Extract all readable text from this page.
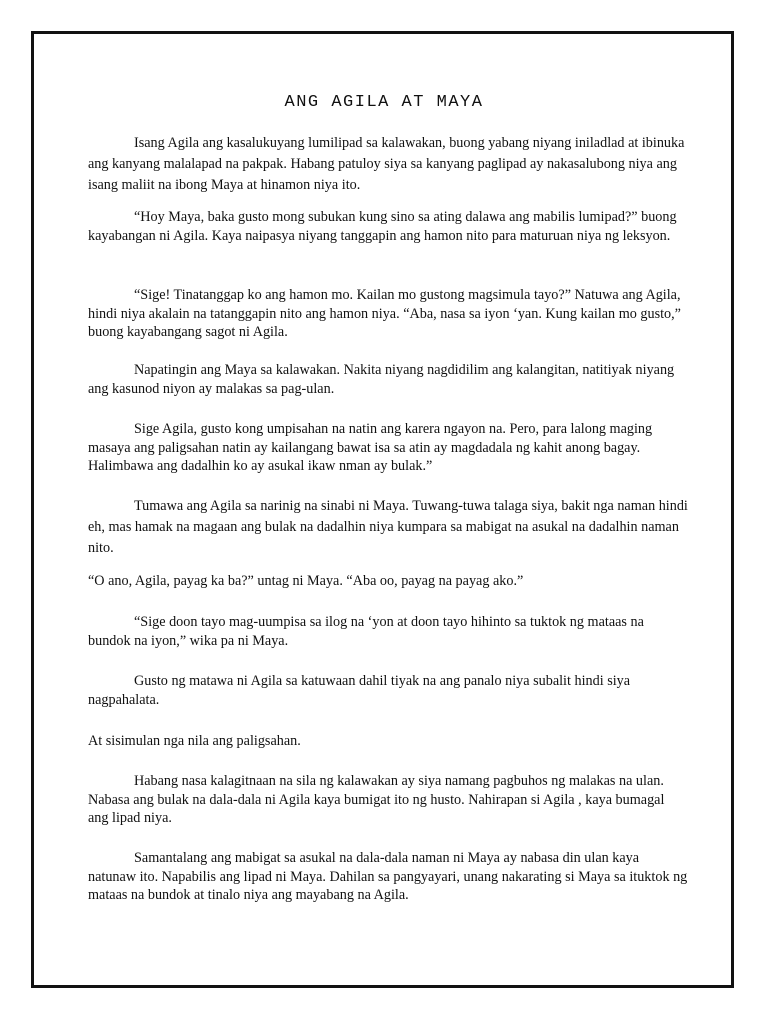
ANG AGILA AT MAYA

Isang Agila ang kasalukuyang lumilipad sa kalawakan, buong yabang niyang iniladlad at ibinuka ang kanyang malalapad na pakpak. Habang patuloy siya sa kanyang paglipad ay nakasalubong niya ang isang maliit na ibong Maya at hinamon niya ito.

“Hoy Maya, baka gusto mong subukan kung sino sa ating dalawa ang mabilis lumipad?” buong kayabangan ni Agila. Kaya naipasya niyang tanggapin ang hamon nito para maturuan niya ng leksyon.

“Sige! Tinatanggap ko ang hamon mo. Kailan mo gustong magsimula tayo?” Natuwa ang Agila, hindi niya akalain na tatanggapin nito ang hamon niya. “Aba, nasa sa iyon ‘yan. Kung kailan mo gusto,” buong kayabangang sagot ni Agila.

Napatingin ang Maya sa kalawakan. Nakita niyang nagdidilim ang kalangitan, natitiyak niyang ang kasunod niyon ay malakas sa pag-ulan.

Sige Agila, gusto kong umpisahan na natin ang karera ngayon na. Pero, para lalong maging masaya ang paligsahan natin ay kailangang bawat isa sa atin ay magdadala ng kahit anong bagay. Halimbawa ang dadalhin ko ay asukal ikaw nman ay bulak.”

Tumawa ang Agila sa narinig na sinabi ni Maya. Tuwang-tuwa talaga siya, bakit nga naman hindi eh, mas hamak na magaan ang bulak na dadalhin niya kumpara sa mabigat na asukal na dadalhin naman nito.

“O ano, Agila, payag ka ba?” untag ni Maya. “Aba oo, payag na payag ako.”

“Sige doon tayo mag-uumpisa sa ilog na ‘yon at doon tayo hihinto sa tuktok ng mataas na bundok na iyon,” wika pa ni Maya.

Gusto ng matawa ni Agila sa katuwaan dahil tiyak na ang panalo niya subalit hindi siya nagpahalata.

At sisimulan nga nila ang paligsahan.

Habang nasa kalagitnaan na sila ng kalawakan ay siya namang pagbuhos ng malakas na ulan. Nabasa ang bulak na dala-dala ni Agila kaya bumigat ito ng husto. Nahirapan si Agila , kaya bumagal ang lipad niya.

Samantalang ang mabigat sa asukal na dala-dala naman ni Maya ay nabasa din ulan kaya natunaw ito. Napabilis ang lipad ni Maya. Dahilan sa pangyayari, unang nakarating si Maya sa ituktok ng mataas na bundok at tinalo niya ang mayabang na Agila.
